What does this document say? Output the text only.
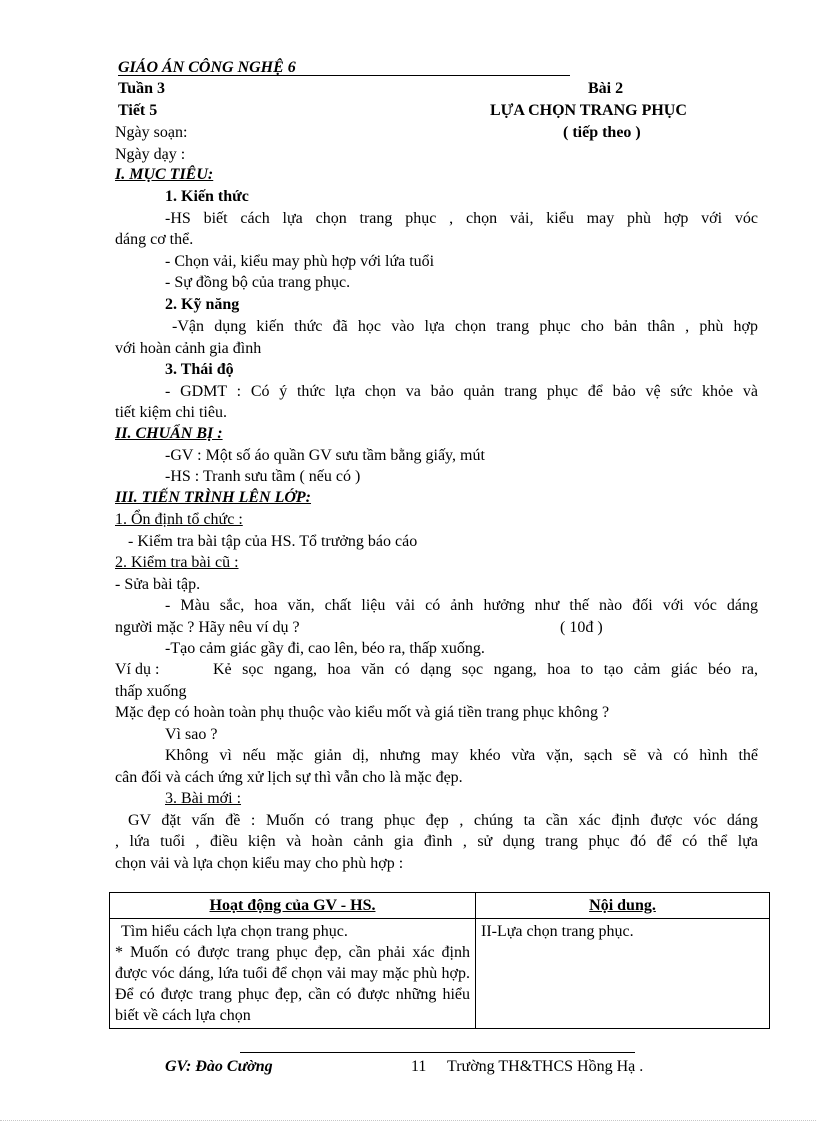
GIÁO ÁN CÔNG NGHỆ 6
Tuần 3	Bài 2
Tiết 5	LỰA CHỌN TRANG PHỤC
Ngày soạn:	( tiếp theo )
Ngày dạy :
I. MỤC TIÊU:
1. Kiến thức
-HS biết cách lựa chọn trang phục , chọn vải, kiểu may phù hợp với vóc
dáng cơ thể.
- Chọn vải, kiểu may phù hợp với lứa tuổi
- Sự đồng bộ của trang phục.
2. Kỹ năng
-Vận dụng kiến thức đã học vào lựa chọn trang phục cho bản thân , phù hợp
với hoàn cảnh gia đình
3. Thái độ
- GDMT : Có ý thức lựa chọn va bảo quản trang phục để bảo vệ sức khỏe và
tiết kiệm chi tiêu.
II. CHUẨN BỊ :
-GV : Một số áo quần GV sưu tầm bằng giấy, mút
-HS : Tranh sưu tầm ( nếu có )
III. TIẾN TRÌNH LÊN LỚP:
1. Ổn định tổ chức :
- Kiểm tra bài tập của HS. Tổ trưởng báo cáo
2. Kiểm tra bài cũ :
- Sửa bài tập.
- Màu sắc, hoa văn, chất liệu vải có ảnh hưởng như thế nào đối với vóc dáng
người mặc ? Hãy nêu ví dụ ?	( 10đ )
-Tạo cảm giác gầy đi, cao lên, béo ra, thấp xuống.
Ví dụ :	Kẻ sọc ngang, hoa văn có dạng sọc ngang, hoa to tạo cảm giác béo ra,
thấp xuống
Mặc đẹp có hoàn toàn phụ thuộc vào kiểu mốt và giá tiền trang phục không ?
Vì sao ?
Không vì nếu mặc giản dị, nhưng may khéo vừa vặn, sạch sẽ và có hình thể
cân đối và cách ứng xử lịch sự thì vẫn cho là mặc đẹp.
3. Bài mới :
GV đặt vấn đề : Muốn có trang phục đẹp , chúng ta cần xác định được vóc dáng
, lứa tuổi , điều kiện và hoàn cảnh gia đình , sử dụng trang phục đó để có thể lựa
chọn vải và lựa chọn kiểu may cho phù hợp :
Hoạt động của GV - HS.	Nội dung.

Tìm hiểu cách lựa chọn trang phục.
* Muốn có được trang phục đẹp, cần phải xác định được vóc dáng, lứa tuổi để chọn vải may mặc phù hợp. Để có được trang phục đẹp, cần có được những hiểu biết về cách lựa chọn	II-Lựa chọn trang phục.
GV: Đào Cường	11 Trường TH&THCS Hồng Hạ .
